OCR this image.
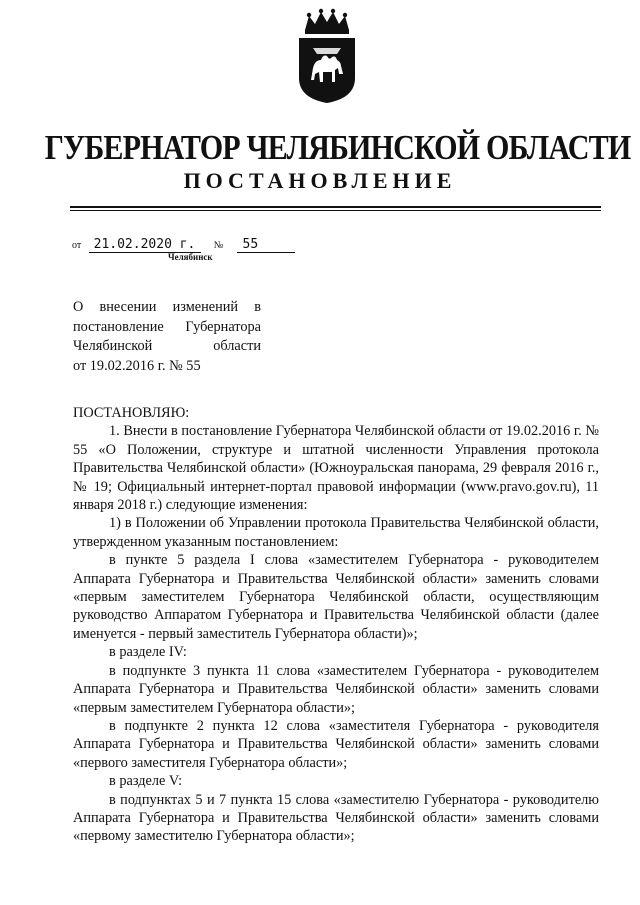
ГУБЕРНАТОР ЧЕЛЯБИНСКОЙ ОБЛАСТИ
ПОСТАНОВЛЕНИЕ
от 21.02.2020 г. № 55
Челябинск
О внесении изменений в
постановление Губернатора
Челябинской области
от 19.02.2016 г. № 55

ПОСТАНОВЛЯЮ:

1. Внести в постановление Губернатора Челябинской области от 19.02.2016 г. № 55 «О Положении, структуре и штатной численности Управления протокола Правительства Челябинской области» (Южноуральская панорама, 29 февраля 2016 г., № 19; Официальный интернет-портал правовой информации (www.pravo.gov.ru), 11 января 2018 г.) следующие изменения:

1) в Положении об Управлении протокола Правительства Челябинской области, утвержденном указанным постановлением:

в пункте 5 раздела I слова «заместителем Губернатора - руководителем Аппарата Губернатора и Правительства Челябинской области» заменить словами «первым заместителем Губернатора Челябинской области, осуществляющим руководство Аппаратом Губернатора и Правительства Челябинской области (далее именуется - первый заместитель Губернатора области)»;

в разделе IV:

в подпункте 3 пункта 11 слова «заместителем Губернатора - руководителем Аппарата Губернатора и Правительства Челябинской области» заменить словами «первым заместителем Губернатора области»;

в подпункте 2 пункта 12 слова «заместителя Губернатора - руководителя Аппарата Губернатора и Правительства Челябинской области» заменить словами «первого заместителя Губернатора области»;

в разделе V:

в подпунктах 5 и 7 пункта 15 слова «заместителю Губернатора - руководителю Аппарата Губернатора и Правительства Челябинской области» заменить словами «первому заместителю Губернатора области»;
